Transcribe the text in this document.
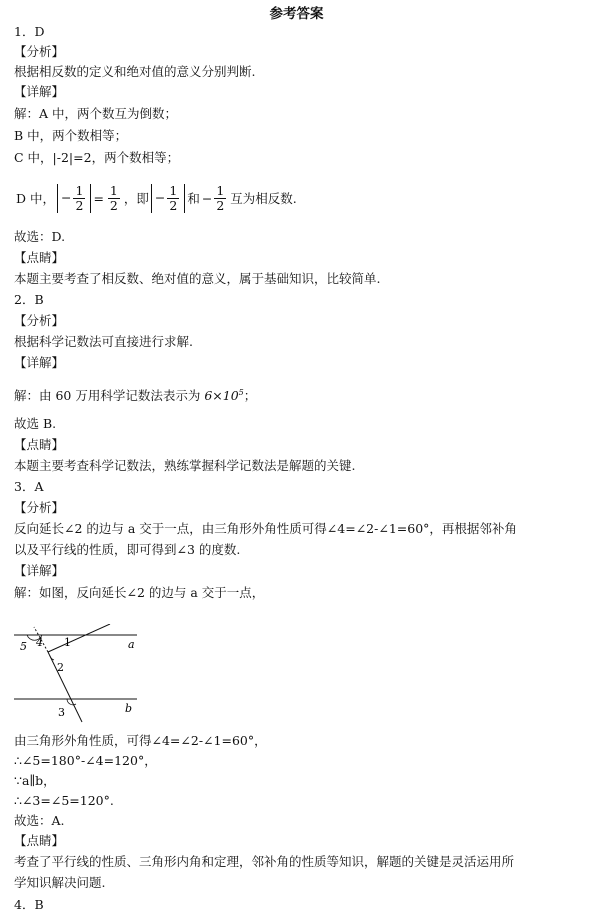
参考答案
1．D
【分析】
根据相反数的定义和绝对值的意义分别判断.
【详解】
解：A 中，两个数互为倒数；
B 中，两个数相等；
C 中，|-2|=2，两个数相等；
D 中， − $\frac{1}{2} = \frac{1}{2}$ ，即 − $\frac{1}{2}$ 和 − $\frac{1}{2}$ 互为相反数.
故选：D.
【点睛】
本题主要考查了相反数、绝对值的意义，属于基础知识，比较简单.
2．B
【分析】
根据科学记数法可直接进行求解.
【详解】
解：由 60 万用科学记数法表示为 $6\times 10^5$；
故选 B.
【点睛】
本题主要考查科学记数法，熟练掌握科学记数法是解题的关键.
3．A
【分析】
反向延长∠2 的边与 a 交于一点，由三角形外角性质可得∠4=∠2-∠1=60°，再根据邻补角
以及平行线的性质，即可得到∠3 的度数.
【详解】
解：如图，反向延长∠2 的边与 a 交于一点，
5 4 1
2
3
a
b
由三角形外角性质，可得∠4=∠2-∠1=60°，
∴∠5=180°-∠4=120°，
∵a∥b，
∴∠3=∠5=120°.
故选：A.
【点睛】
考查了平行线的性质、三角形内角和定理，邻补角的性质等知识，解题的关键是灵活运用所
学知识解决问题.
4．B
